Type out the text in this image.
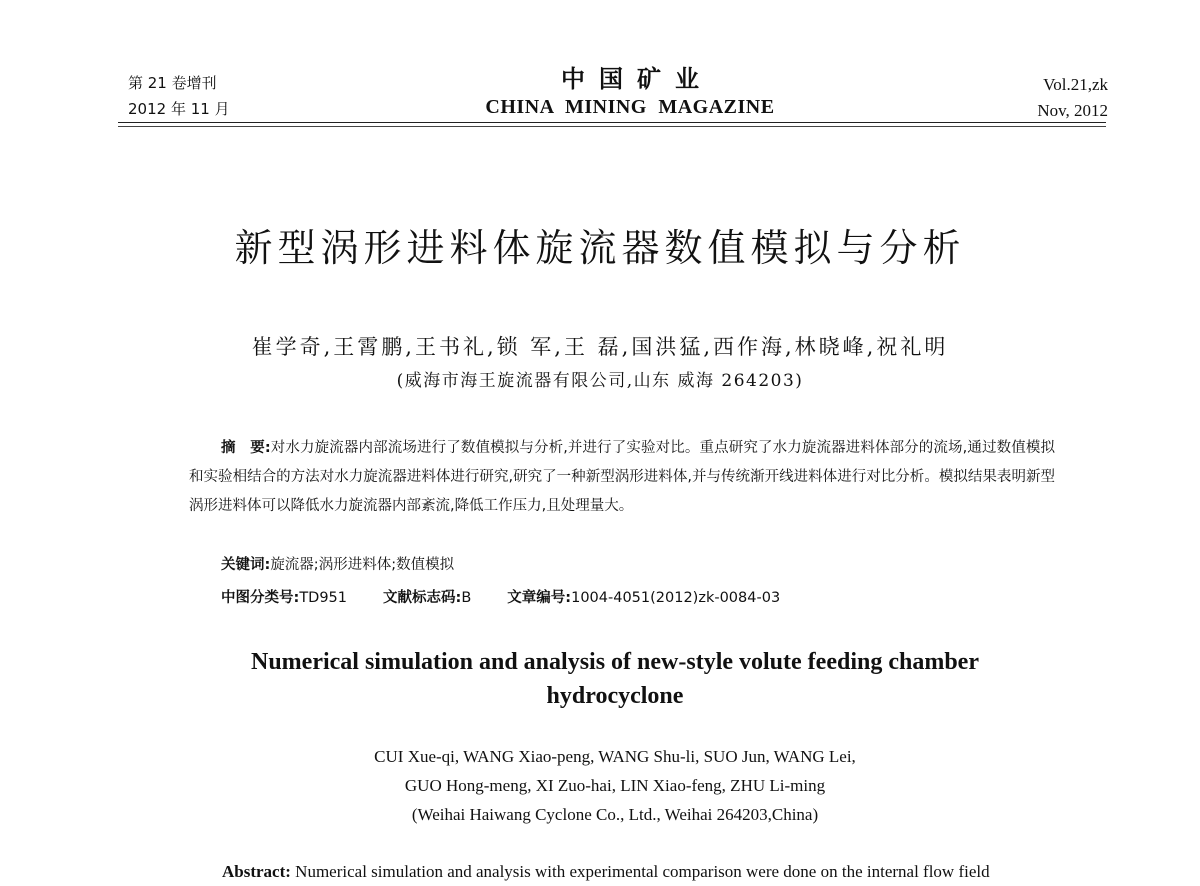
第 21 卷增刊
2012 年 11 月
中国矿业
CHINA MINING MAGAZINE
Vol.21,zk
Nov, 2012
新型涡形进料体旋流器数值模拟与分析
崔学奇,王霄鹏,王书礼,锁 军,王 磊,国洪猛,西作海,林晓峰,祝礼明
(威海市海王旋流器有限公司,山东 威海 264203)
摘　要:对水力旋流器内部流场进行了数值模拟与分析,并进行了实验对比。重点研究了水力旋流器进料体部分的流场,通过数值模拟和实验相结合的方法对水力旋流器进料体进行研究,研究了一种新型涡形进料体,并与传统渐开线进料体进行对比分析。模拟结果表明新型涡形进料体可以降低水力旋流器内部紊流,降低工作压力,且处理量大。
关键词:旋流器;涡形进料体;数值模拟
中图分类号:TD951 文献标志码:B 文章编号:1004-4051(2012)zk-0084-03
Numerical simulation and analysis of new-style volute feeding chamber hydrocyclone
CUI Xue-qi, WANG Xiao-peng, WANG Shu-li, SUO Jun, WANG Lei,
GUO Hong-meng, XI Zuo-hai, LIN Xiao-feng, ZHU Li-ming
(Weihai Haiwang Cyclone Co., Ltd., Weihai 264203,China)
Abstract: Numerical simulation and analysis with experimental comparison were done on the internal flow field
